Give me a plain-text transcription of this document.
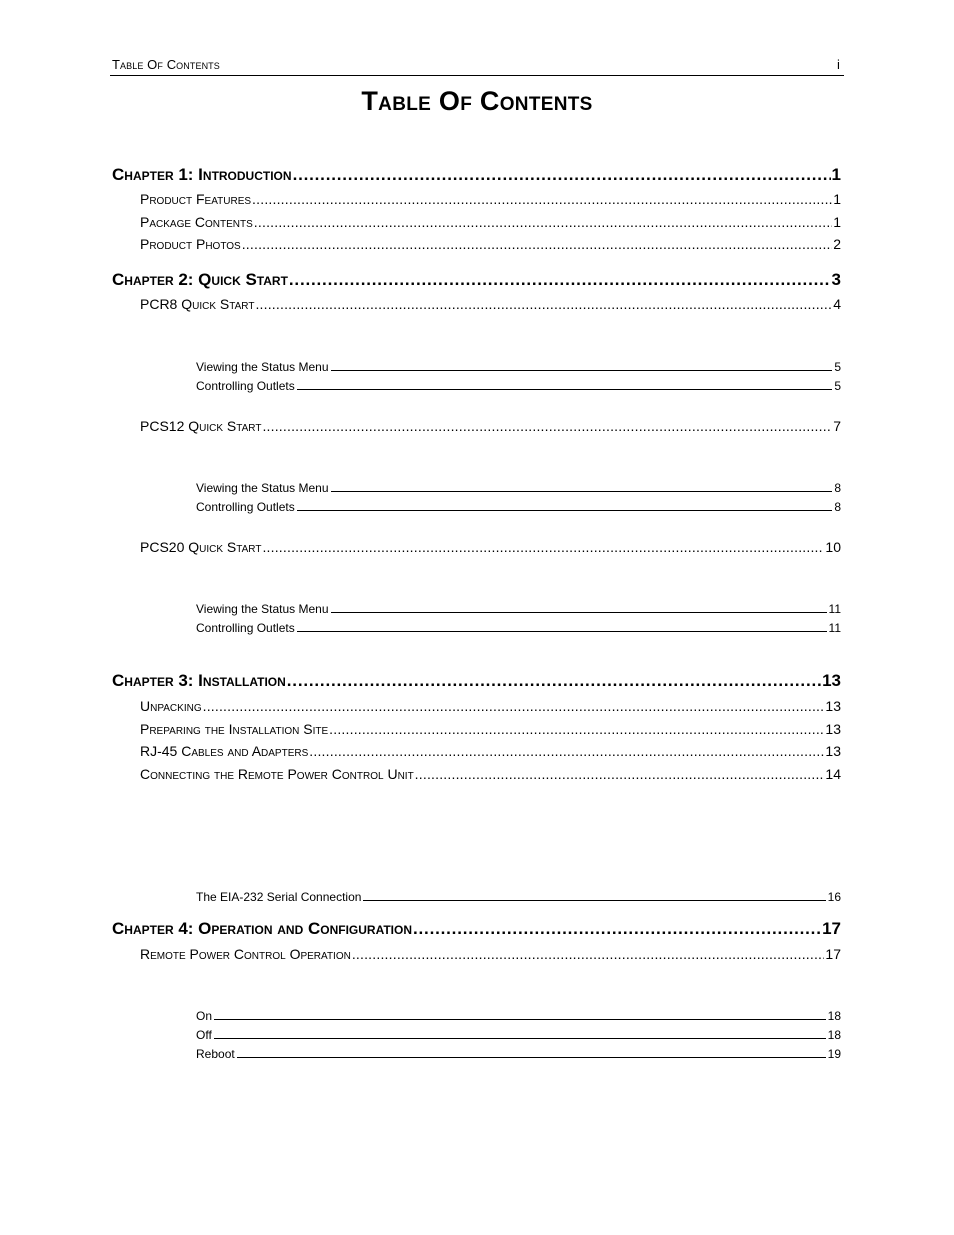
Table Of Contents	i
Table Of Contents
Chapter 1: Introduction .....	1
Product Features .....	1
Package Contents .....	1
Product Photos .....	2
Chapter 2: Quick Start .....	3
PCR8 Quick Start .....	4
Viewing the Status Menu	5
Controlling Outlets	5
PCS12 Quick Start .....	7
Viewing the Status Menu	8
Controlling Outlets	8
PCS20 Quick Start .....	10
Viewing the Status Menu	11
Controlling Outlets	11
Chapter 3: Installation .....	13
Unpacking .....	13
Preparing the Installation Site .....	13
RJ-45 Cables and Adapters .....	13
Connecting the Remote Power Control Unit .....	14
The EIA-232 Serial Connection	16
Chapter 4: Operation and Configuration .....	17
Remote Power Control Operation .....	17
On	18
Off	18
Reboot	19
